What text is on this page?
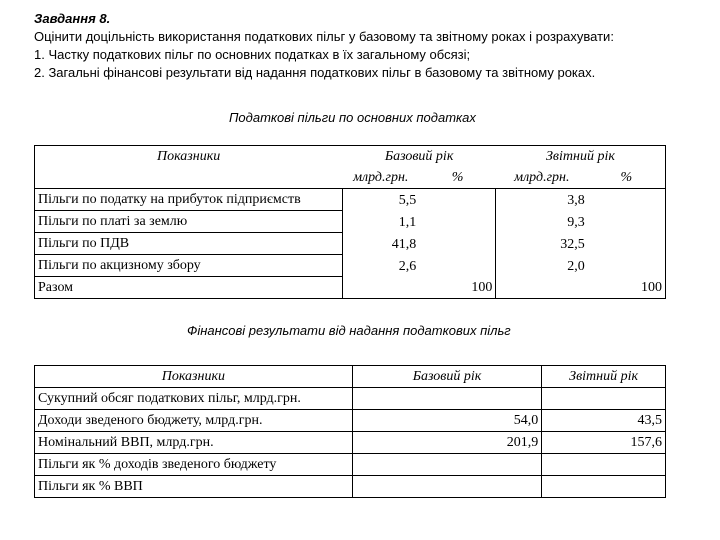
Завдання 8.
Оцінити доцільність використання податкових пільг у базовому та звітному роках і розрахувати:
1. Частку податкових пільг по основних податках в їх загальному обсязі;
2. Загальні фінансові результати від надання податкових пільг в базовому та звітному роках.
Податкові пільги по основних податках
Показники	Базовий рік		Звітний рік	
	млрд.грн.	%	млрд.грн.	%
Пільги по податку на прибуток підприємств	5,5		3,8	
Пільги по платі за землю	1,1		9,3	
Пільги по ПДВ	41,8		32,5	
Пільги по акцизному збору	2,6		2,0	
Разом		100		100
Фінансові результати від надання податкових пільг
Показники	Базовий рік	Звітний рік
Сукупний обсяг податкових пільг, млрд.грн.		
Доходи зведеного бюджету, млрд.грн.	54,0	43,5
Номінальний ВВП, млрд.грн.	201,9	157,6
Пільги як % доходів зведеного бюджету		
Пільги як % ВВП		
